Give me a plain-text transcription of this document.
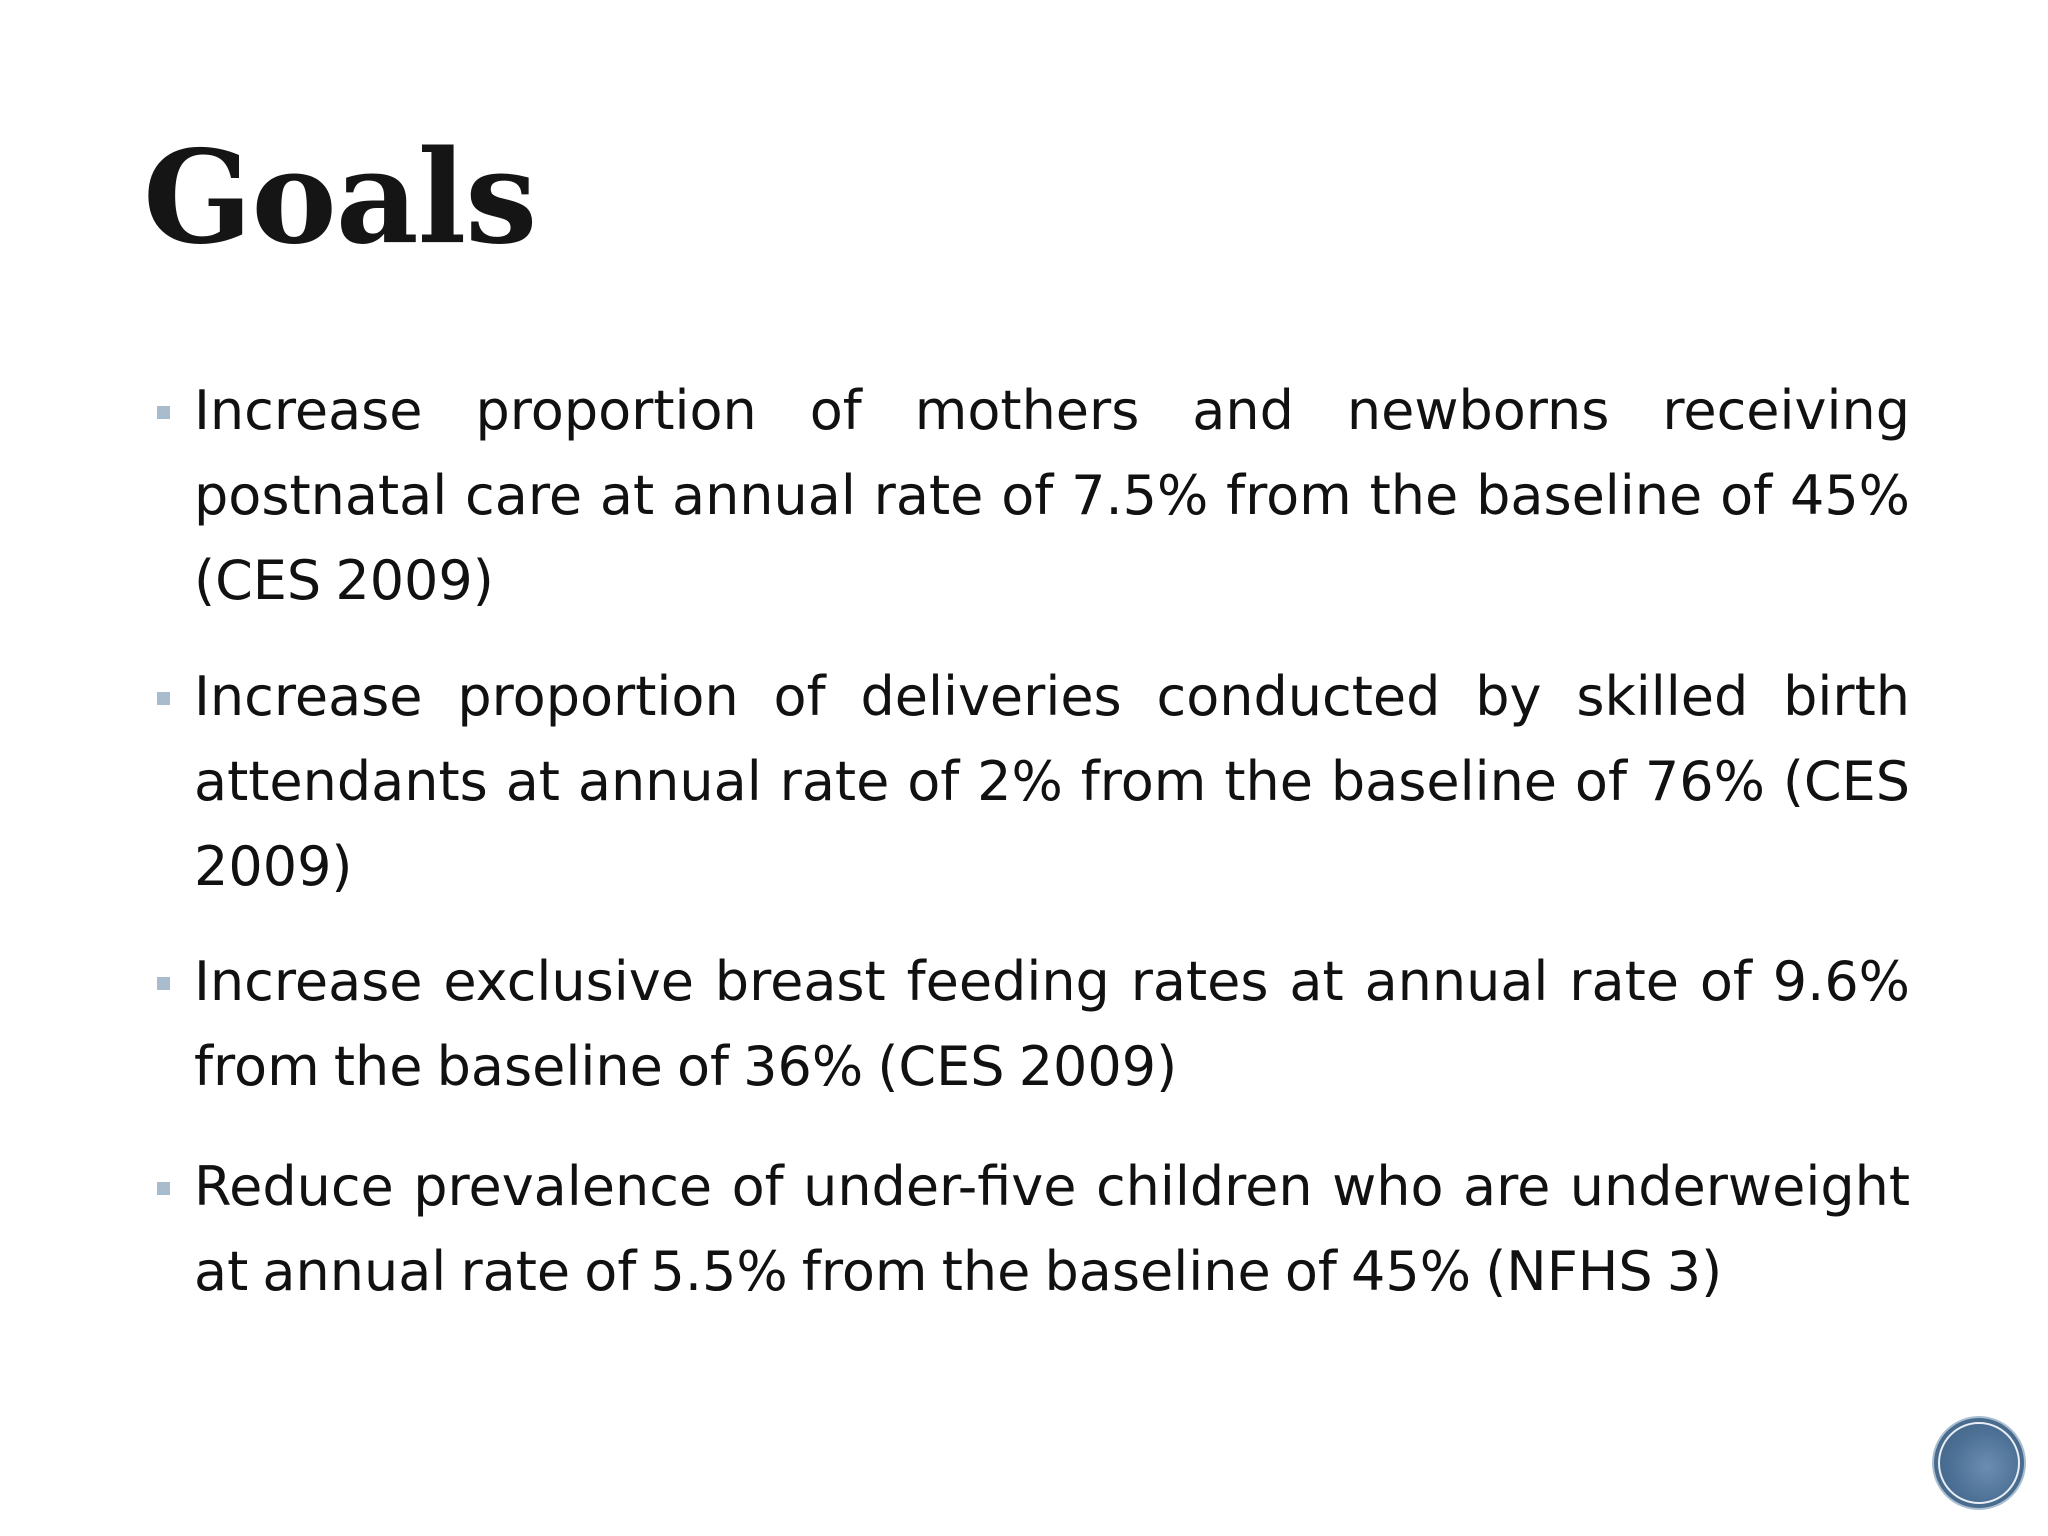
Goals
Increase proportion of mothers and newborns receiving postnatal care at annual rate of 7.5% from the baseline of 45% (CES 2009)
Increase proportion of deliveries conducted by skilled birth attendants at annual rate of 2% from the baseline of 76% (CES 2009)
Increase exclusive breast feeding rates at annual rate of 9.6% from the baseline of 36% (CES 2009)
Reduce prevalence of under-five children who are underweight at annual rate of 5.5% from the baseline of 45% (NFHS 3)
